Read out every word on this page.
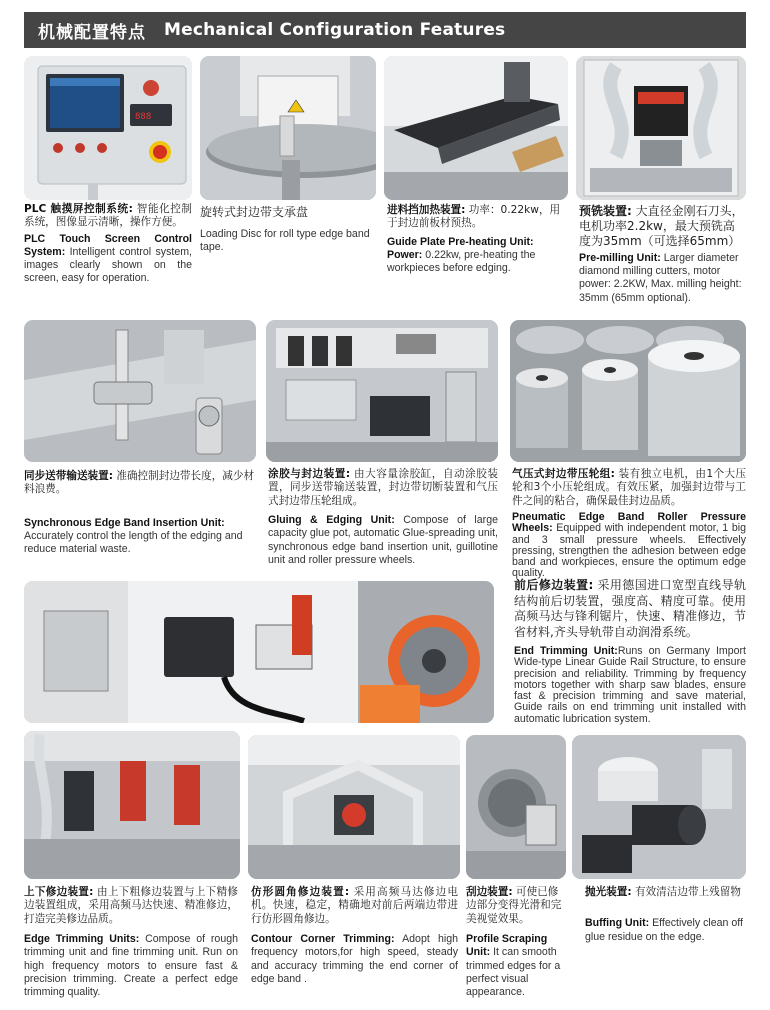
机械配置特点 Mechanical Configuration Features
888
PLC 触摸屏控制系统: 智能化控制系统，图像显示清晰，操作方便。
PLC Touch Screen Control System: Intelligent control system, images clearly shown on the screen, easy for operation.
旋转式封边带支承盘
Loading Disc for roll type edge band tape.
进料挡加热装置: 功率：0.22kw，用于封边前板材预热。
Guide Plate Pre-heating Unit: Power: 0.22kw, pre-heating the workpieces before edging.
预铣装置: 大直径金刚石刀头，电机功率2.2kw，最大预铣高度为35mm（可选择65mm）
Pre-milling Unit: Larger diameter diamond milling cutters, motor power: 2.2KW, Max. milling height: 35mm (65mm optional).
同步送带输送装置: 准确控制封边带长度，减少材料浪费。
Synchronous Edge Band Insertion Unit: Accurately control the length of the edging and reduce material waste.
涂胶与封边装置: 由大容量涂胶缸，自动涂胶装置，同步送带输送装置，封边带切断装置和气压式封边带压轮组成。
Gluing & Edging Unit: Compose of large capacity glue pot, automatic Glue-spreading unit, synchronous edge band insertion unit, guillotine unit and roller pressure wheels.
气压式封边带压轮组: 装有独立电机，由1个大压轮和3个小压轮组成。有效压紧，加强封边带与工件之间的粘合，确保最佳封边品质。
Pneumatic Edge Band Roller Pressure Wheels: Equipped with independent motor, 1 big and 3 small pressure wheels. Effectively pressing, strengthen the adhesion between edge band and workpieces, ensure the optimum edge quality.
前后修边装置: 采用德国进口宽型直线导轨结构前后切装置，强度高、精度可靠。使用高频马达与锋利锯片，快速、精准修边，节省材料,齐头导轨带自动润滑系统。
End Trimming Unit:Runs on Germany Import Wide-type Linear Guide Rail Structure, to ensure precision and reliability. Trimming by frequency motors together with sharp saw blades, ensure fast & precision trimming and save material, Guide rails on end trimming unit installed with automatic lubrication system.
上下修边装置: 由上下粗修边装置与上下精修边装置组成，采用高频马达快速、精准修边，打造完美修边品质。
Edge Trimming Units: Compose of rough trimming unit and fine trimming unit. Run on high frequency motors to ensure fast & precision trimming. Create a perfect edge trimming quality.
仿形圆角修边装置: 采用高频马达修边电机。快速，稳定，精确地对前后两端边带进行仿形圆角修边。
Contour Corner Trimming: Adopt high frequency motors,for high speed, steady and accuracy trimming the end corner of edge band .
刮边装置: 可使已修边部分变得光滑和完美视觉效果。
Profile Scraping Unit: It can smooth trimmed edges for a perfect visual appearance.
抛光装置: 有效清洁边带上残留物
Buffing Unit: Effectively clean off glue residue on the edge.
